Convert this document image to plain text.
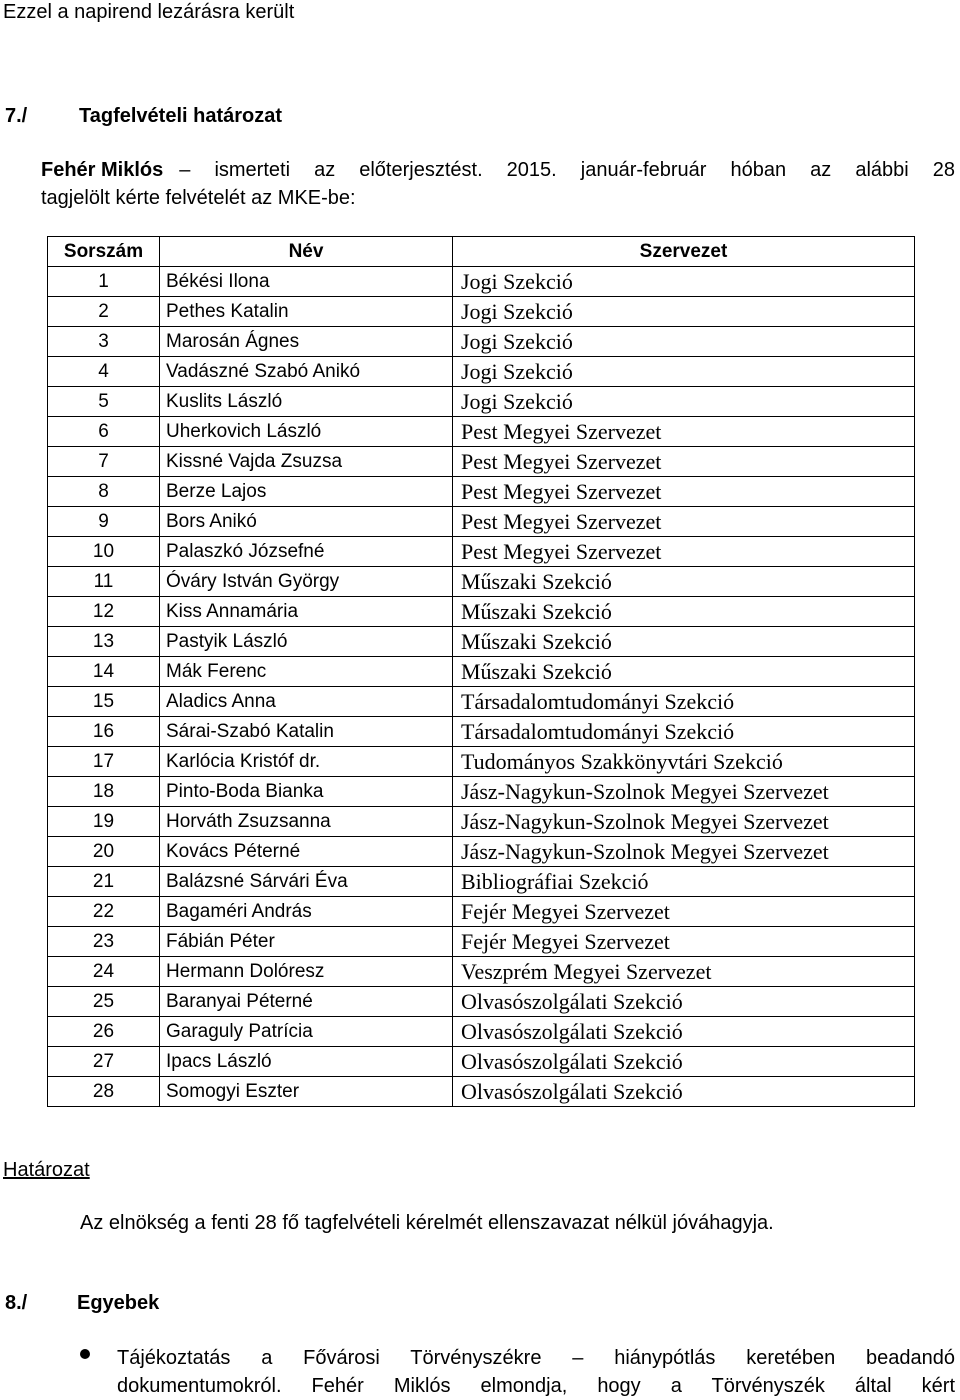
Ezzel a napirend lezárásra került
7./	Tagfelvételi határozat
Fehér Miklós – ismerteti az előterjesztést. 2015. január-február hóban az alábbi 28
tagjelölt kérte felvételét az MKE-be:
Sorszám	Név	Szervezet
1	Békési Ilona	Jogi Szekció
2	Pethes Katalin	Jogi Szekció
3	Marosán Ágnes	Jogi Szekció
4	Vadászné Szabó Anikó	Jogi Szekció
5	Kuslits László	Jogi Szekció
6	Uherkovich László	Pest Megyei Szervezet
7	Kissné Vajda Zsuzsa	Pest Megyei Szervezet
8	Berze Lajos	Pest Megyei Szervezet
9	Bors Anikó	Pest Megyei Szervezet
10	Palaszkó Józsefné	Pest Megyei Szervezet
11	Óváry István György	Műszaki Szekció
12	Kiss Annamária	Műszaki Szekció
13	Pastyik László	Műszaki Szekció
14	Mák Ferenc	Műszaki Szekció
15	Aladics Anna	Társadalomtudományi Szekció
16	Sárai-Szabó Katalin	Társadalomtudományi Szekció
17	Karlócia Kristóf dr.	Tudományos Szakkönyvtári Szekció
18	Pinto-Boda Bianka	Jász-Nagykun-Szolnok Megyei Szervezet
19	Horváth Zsuzsanna	Jász-Nagykun-Szolnok Megyei Szervezet
20	Kovács Péterné	Jász-Nagykun-Szolnok Megyei Szervezet
21	Balázsné Sárvári Éva	Bibliográfiai Szekció
22	Bagaméri András	Fejér Megyei Szervezet
23	Fábián Péter	Fejér Megyei Szervezet
24	Hermann Dolóresz	Veszprém Megyei Szervezet
25	Baranyai Péterné	Olvasószolgálati Szekció
26	Garaguly Patrícia	Olvasószolgálati Szekció
27	Ipacs László	Olvasószolgálati Szekció
28	Somogyi Eszter	Olvasószolgálati Szekció
Határozat
Az elnökség a fenti 28 fő tagfelvételi kérelmét ellenszavazat nélkül jóváhagyja.
8./ Egyebek
Tájékoztatás a Fővárosi Törvényszékre – hiánypótlás keretében beadandó
dokumentumokról. Fehér Miklós elmondja, hogy a Törvényszék által kért
